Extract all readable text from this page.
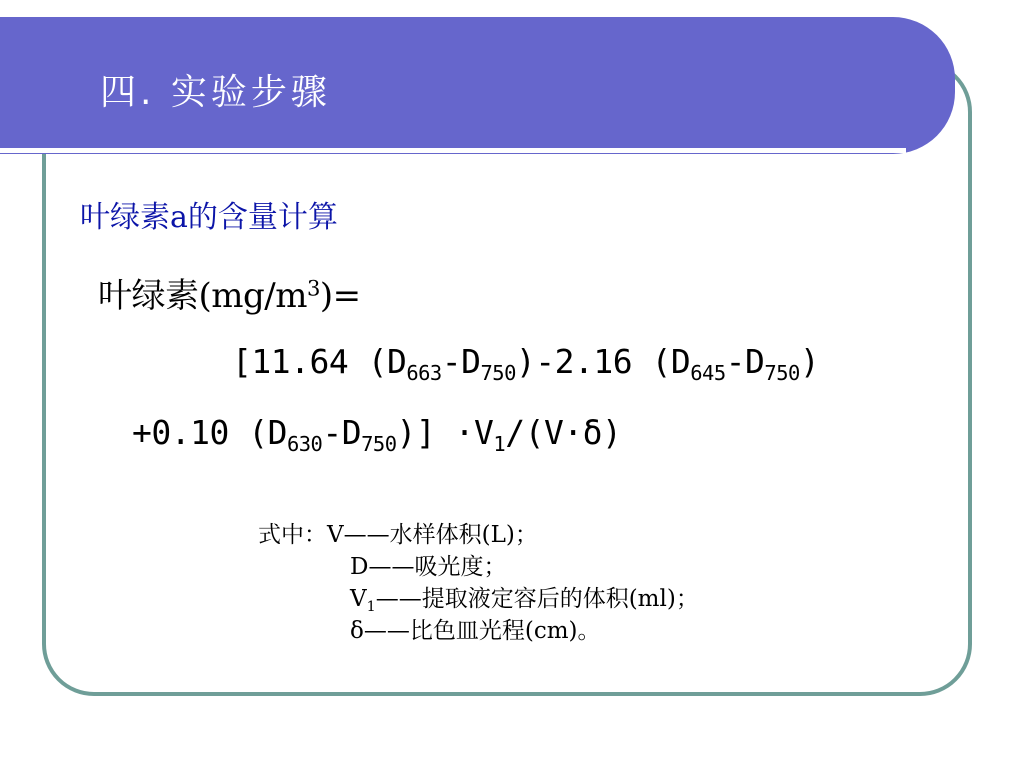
四. 实验步骤

叶绿素a的含量计算

叶绿素$(mg/m^3)=$

[11.64 $(D_{663}-D_{750})-2.16$ $(D_{645}-D_{750})$

+0.10 $(D_{630}-D_{750})] \cdot V_1/(V\cdot\delta)$

式中：V——水样体积(L)；
D——吸光度；
$V_1——$提取液定容后的体积(ml)；
δ——比色皿光程(cm)。
